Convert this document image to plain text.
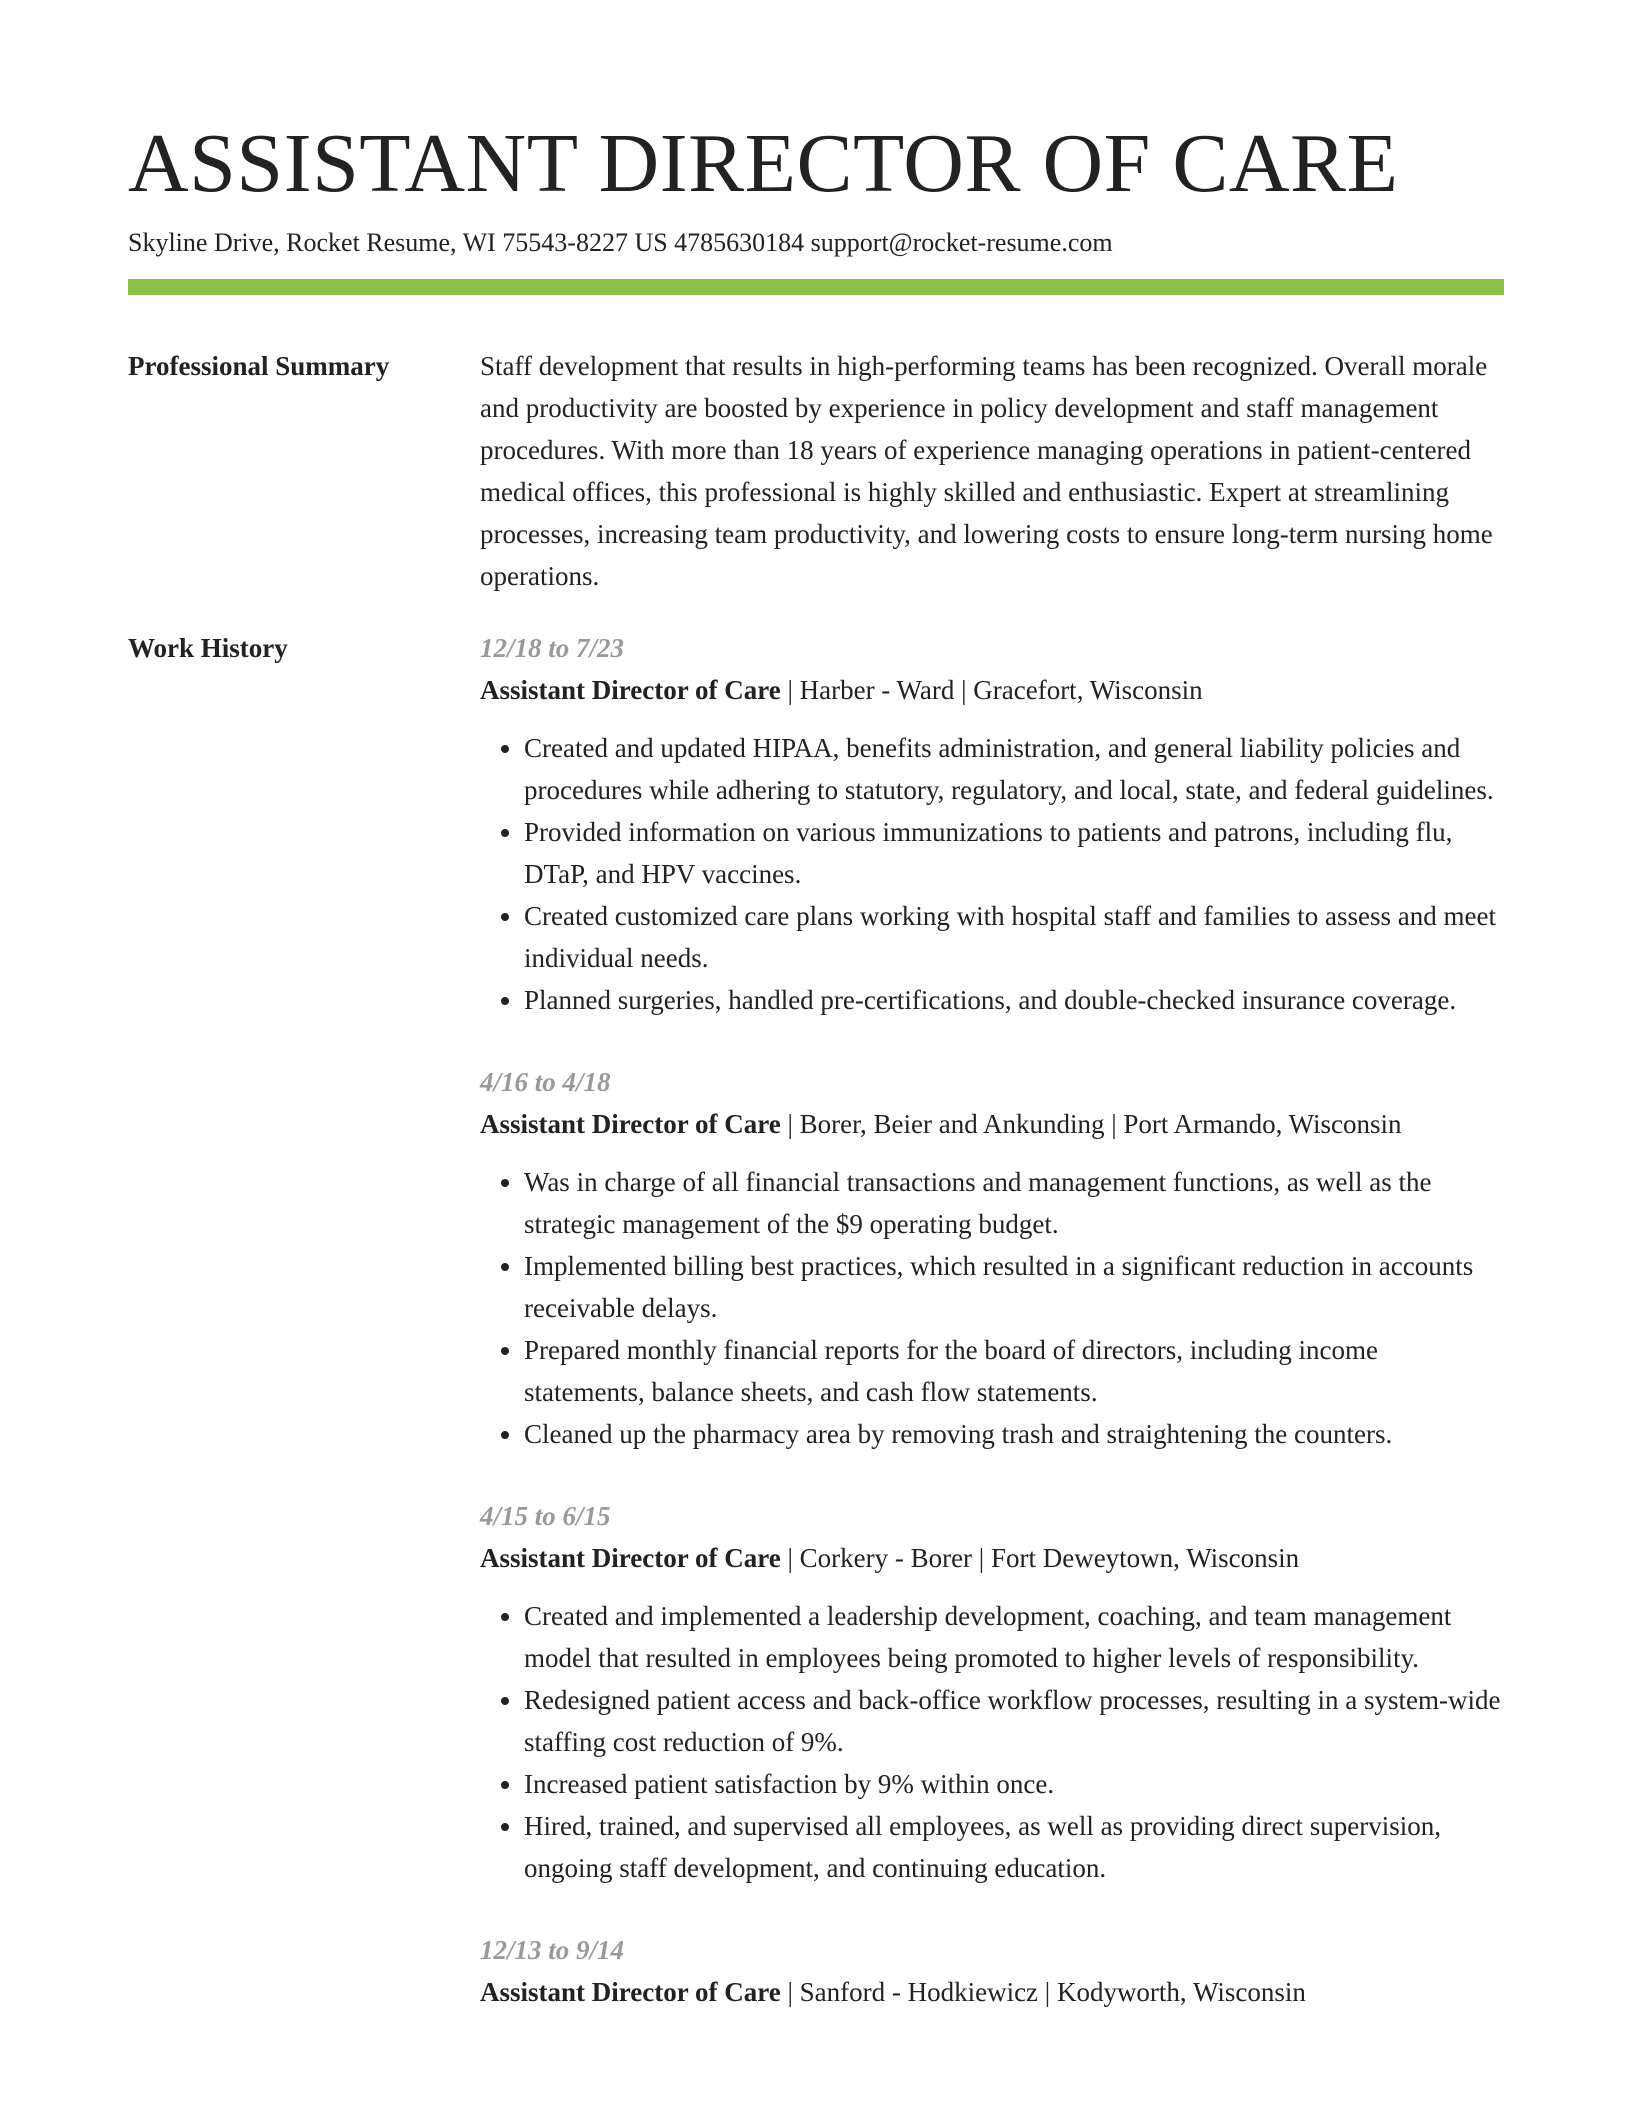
ASSISTANT DIRECTOR OF CARE
Skyline Drive, Rocket Resume, WI 75543-8227 US 4785630184 support@rocket-resume.com
Professional Summary	Staff development that results in high-performing teams has been recognized. Overall morale and productivity are boosted by experience in policy development and staff management procedures. With more than 18 years of experience managing operations in patient-centered medical offices, this professional is highly skilled and enthusiastic. Expert at streamlining processes, increasing team productivity, and lowering costs to ensure long-term nursing home operations.
Work History	12/18 to 7/23
Assistant Director of Care | Harber - Ward | Gracefort, Wisconsin
• Created and updated HIPAA, benefits administration, and general liability policies and procedures while adhering to statutory, regulatory, and local, state, and federal guidelines.
• Provided information on various immunizations to patients and patrons, including flu, DTaP, and HPV vaccines.
• Created customized care plans working with hospital staff and families to assess and meet individual needs.
• Planned surgeries, handled pre-certifications, and double-checked insurance coverage.
4/16 to 4/18
Assistant Director of Care | Borer, Beier and Ankunding | Port Armando, Wisconsin
• Was in charge of all financial transactions and management functions, as well as the strategic management of the $9 operating budget.
• Implemented billing best practices, which resulted in a significant reduction in accounts receivable delays.
• Prepared monthly financial reports for the board of directors, including income statements, balance sheets, and cash flow statements.
• Cleaned up the pharmacy area by removing trash and straightening the counters.
4/15 to 6/15
Assistant Director of Care | Corkery - Borer | Fort Deweytown, Wisconsin
• Created and implemented a leadership development, coaching, and team management model that resulted in employees being promoted to higher levels of responsibility.
• Redesigned patient access and back-office workflow processes, resulting in a system-wide staffing cost reduction of 9%.
• Increased patient satisfaction by 9% within once.
• Hired, trained, and supervised all employees, as well as providing direct supervision, ongoing staff development, and continuing education.
12/13 to 9/14
Assistant Director of Care | Sanford - Hodkiewicz | Kodyworth, Wisconsin
